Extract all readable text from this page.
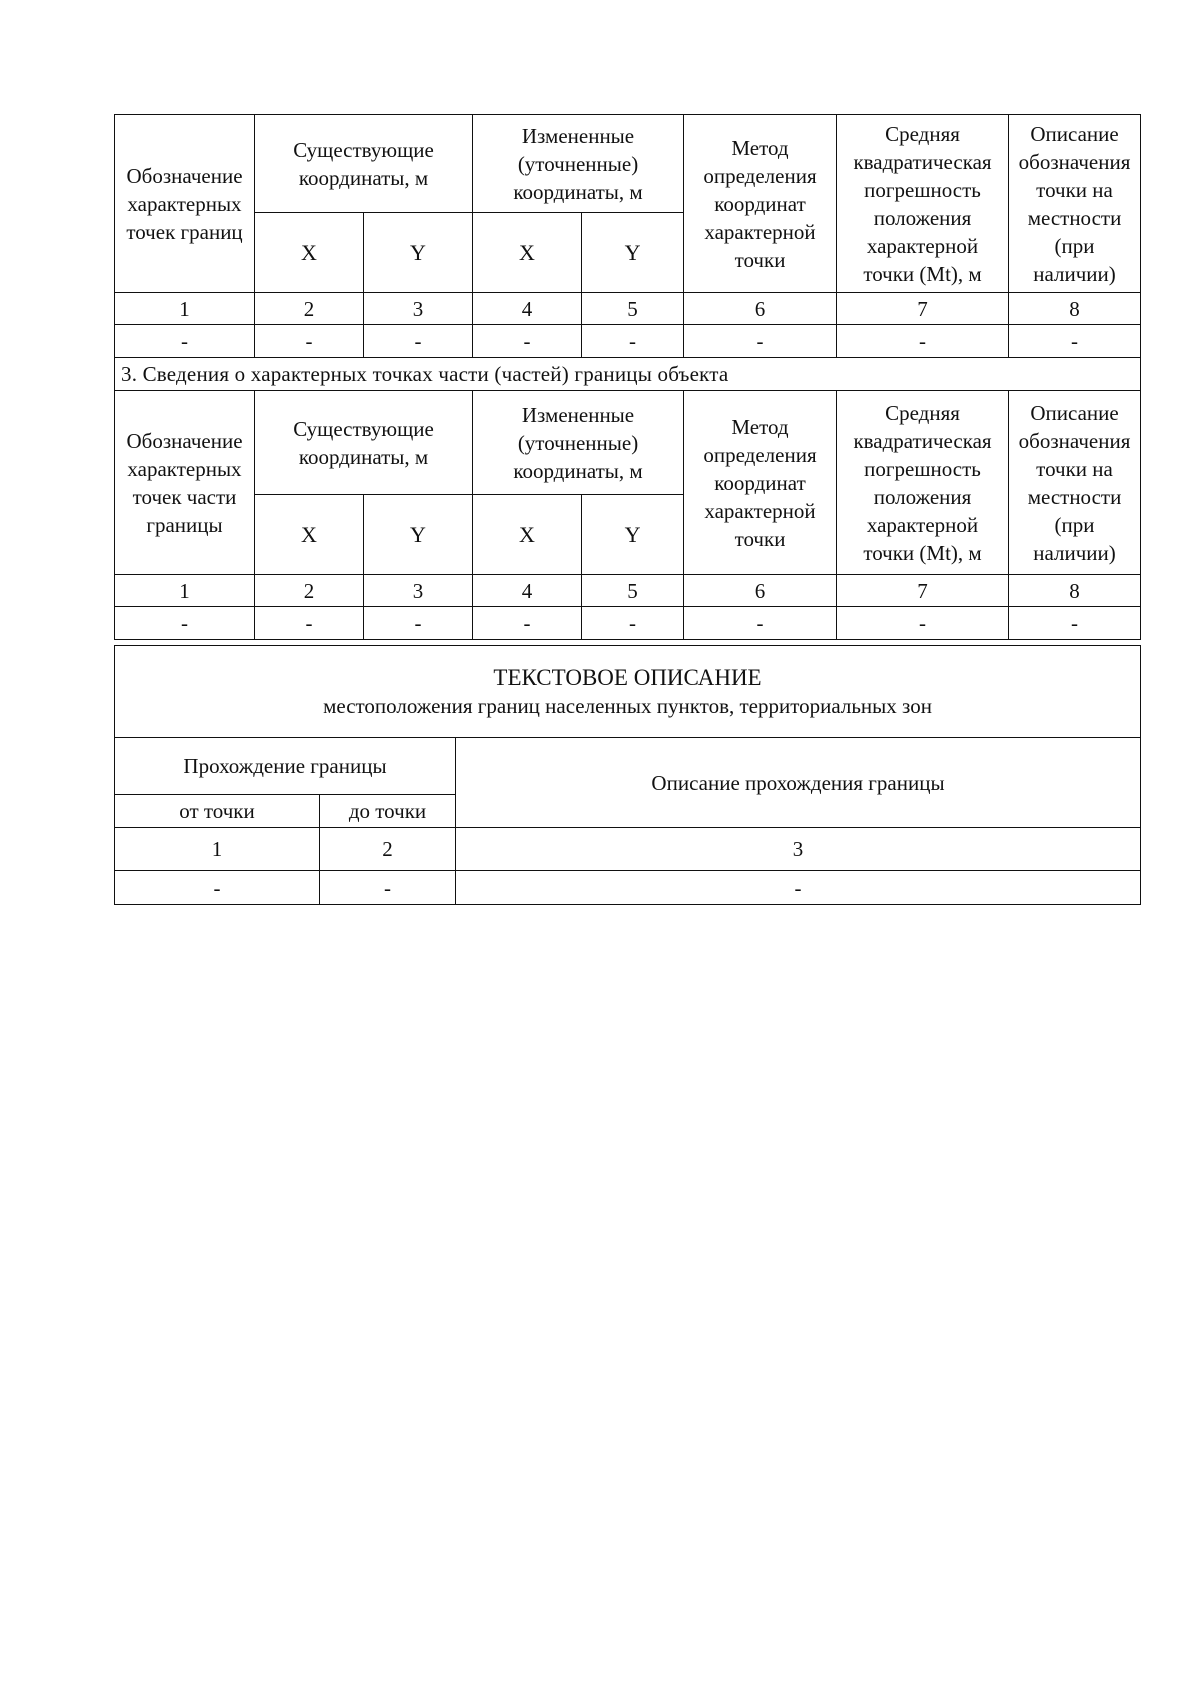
Обозначение характерных точек границ	Существующие координаты, м		Измененные (уточненные) координаты, м		Метод определения координат характерной точки	Средняя квадратическая погрешность положения характерной точки (Mt), м	Описание обозначения точки на местности (при наличии)
	X	Y	X	Y			
1	2	3	4	5	6	7	8
-	-	-	-	-	-	-	-
3. Сведения о характерных точках части (частей) границы объекта							
Обозначение характерных точек части границы	Существующие координаты, м		Измененные (уточненные) координаты, м		Метод определения координат характерной точки	Средняя квадратическая погрешность положения характерной точки (Mt), м	Описание обозначения точки на местности (при наличии)
	X	Y	X	Y			
1	2	3	4	5	6	7	8
-	-	-	-	-	-	-	-
ТЕКСТОВОЕ ОПИСАНИЕ
местоположения границ населенных пунктов, территориальных зон		
Прохождение границы		Описание прохождения границы
от точки	до точки	
1	2	3
-	-	-
